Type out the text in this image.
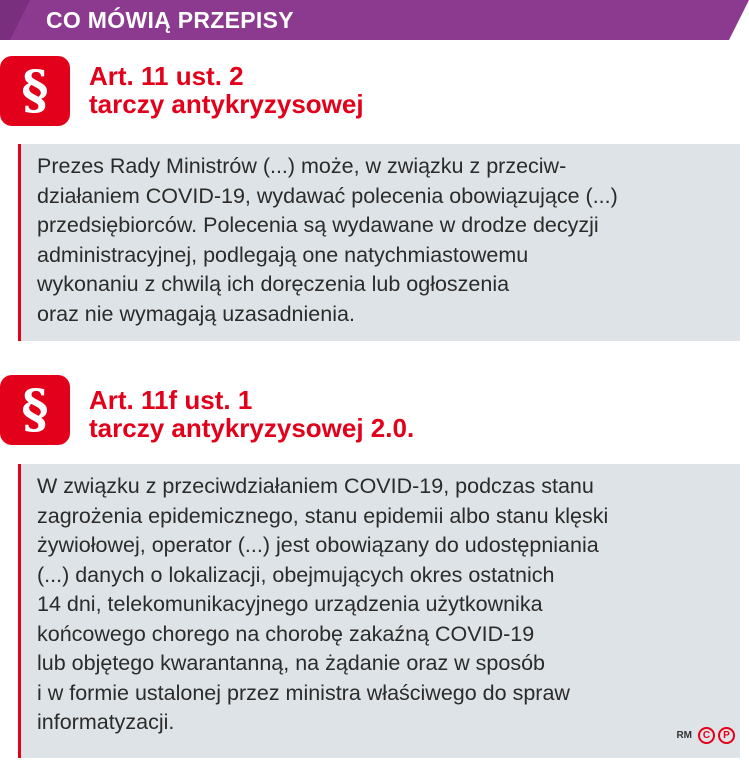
CO MÓWIĄ PRZEPISY
§ Art. 11 ust. 2
tarczy antykryzysowej
Prezes Rady Ministrów (...) może, w związku z przeciw-
działaniem COVID-19, wydawać polecenia obowiązujące (...)
przedsiębiorców. Polecenia są wydawane w drodze decyzji
administracyjnej, podlegają one natychmiastowemu
wykonaniu z chwilą ich doręczenia lub ogłoszenia
oraz nie wymagają uzasadnienia.
§ Art. 11f ust. 1
tarczy antykryzysowej 2.0.
W związku z przeciwdziałaniem COVID-19, podczas stanu
zagrożenia epidemicznego, stanu epidemii albo stanu klęski
żywiołowej, operator (...) jest obowiązany do udostępniania
(...) danych o lokalizacji, obejmujących okres ostatnich
14 dni, telekomunikacyjnego urządzenia użytkownika
końcowego chorego na chorobę zakaźną COVID-19
lub objętego kwarantanną, na żądanie oraz w sposób
i w formie ustalonej przez ministra właściwego do spraw
informatyzacji.
RM	C	P
